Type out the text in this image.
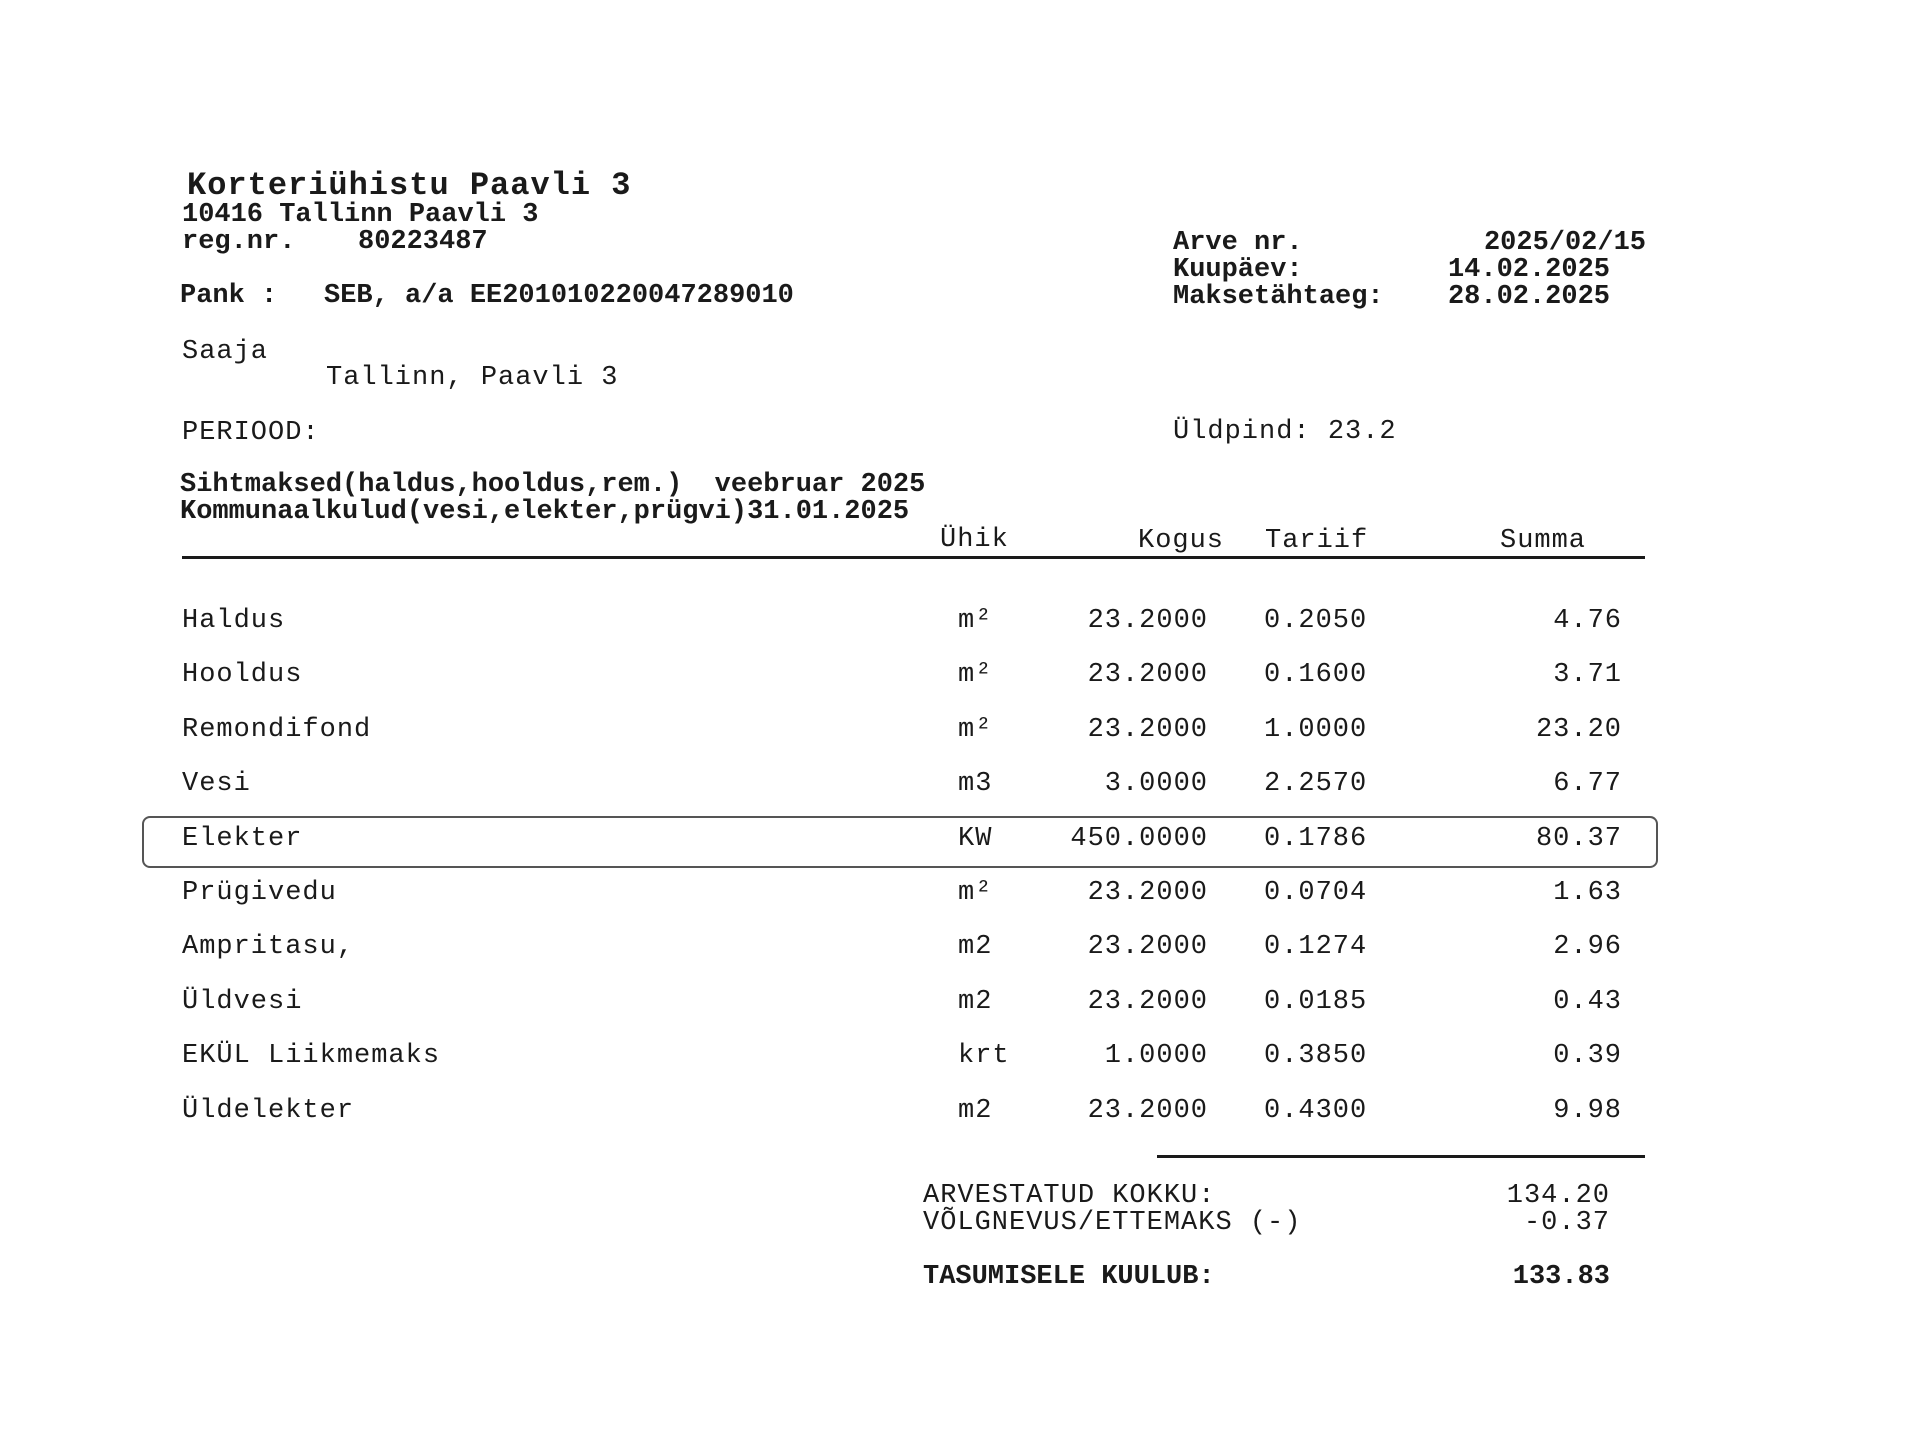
Korteriühistu Paavli 3
10416 Tallinn Paavli 3
reg.nr. 80223487
Pank : SEB, a/a EE201010220047289010
Arve nr.	2025/02/15
Kuupäev:	14.02.2025
Maksetähtaeg:	28.02.2025
Saaja
Tallinn, Paavli 3
PERIOOD:	Üldpind: 23.2
Sihtmaksed(haldus,hooldus,rem.)  veebruar 2025
Kommunaalkulud(vesi,elekter,prügvi)31.01.2025
Ühik	Kogus Tariif	Summa
Haldus	m²	23.2000 0.2050	4.76
Hooldus	m²	23.2000 0.1600	3.71
Remondifond	m²	23.2000 1.0000	23.20
Vesi	m3	3.0000 2.2570	6.77
Elekter	KW	450.0000 0.1786	80.37
Prügivedu	m²	23.2000 0.0704	1.63
Ampritasu,	m2	23.2000 0.1274	2.96
Üldvesi	m2	23.2000 0.0185	0.43
EKÜL Liikmemaks	krt	1.0000 0.3850	0.39
Üldelekter	m2	23.2000 0.4300	9.98
ARVESTATUD KOKKU:	134.20
VÕLGNEVUS/ETTEMAKS (-)	-0.37
TASUMISELE KUULUB:	133.83
